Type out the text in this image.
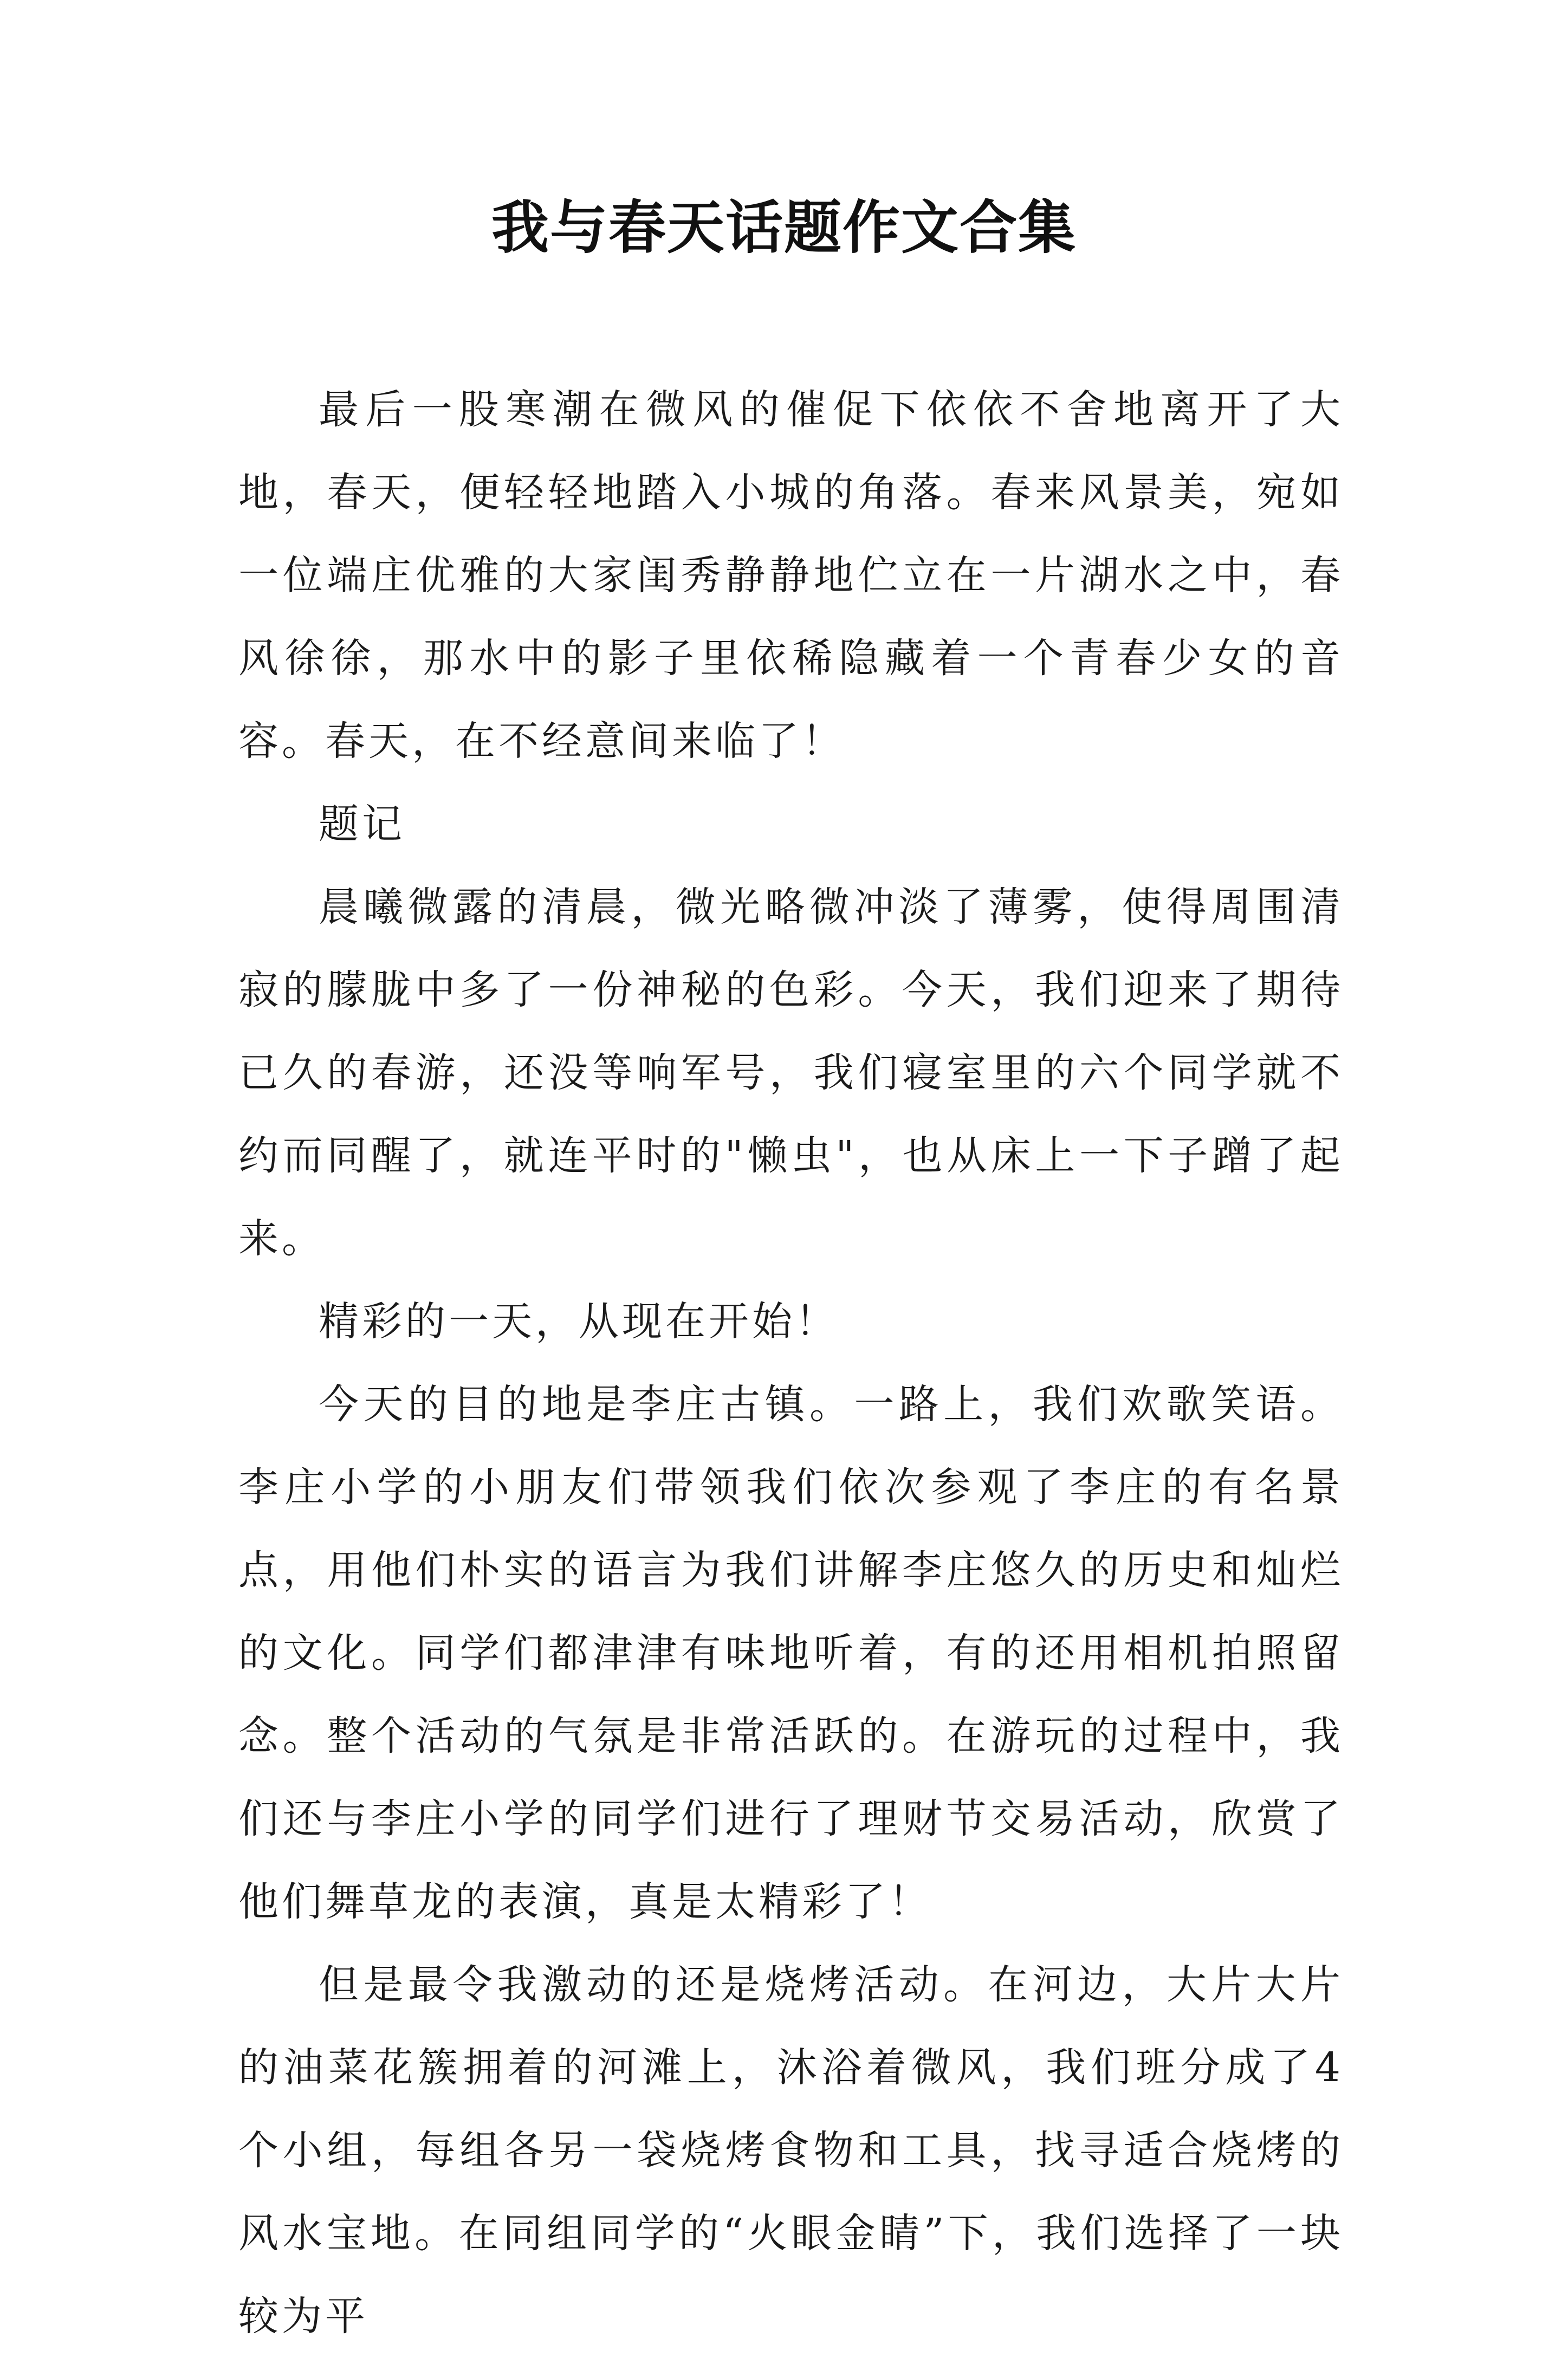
我与春天话题作文合集

最后一股寒潮在微风的催促下依依不舍地离开了大地，春天，便轻轻地踏入小城的角落。春来风景美，宛如一位端庄优雅的大家闺秀静静地伫立在一片湖水之中，春风徐徐，那水中的影子里依稀隐藏着一个青春少女的音容。春天，在不经意间来临了！

题记

晨曦微露的清晨，微光略微冲淡了薄雾，使得周围清寂的朦胧中多了一份神秘的色彩。今天，我们迎来了期待已久的春游，还没等响军号，我们寝室里的六个同学就不约而同醒了，就连平时的"懒虫"，也从床上一下子蹭了起来。

精彩的一天，从现在开始！

今天的目的地是李庄古镇。一路上，我们欢歌笑语。李庄小学的小朋友们带领我们依次参观了李庄的有名景点，用他们朴实的语言为我们讲解李庄悠久的历史和灿烂的文化。同学们都津津有味地听着，有的还用相机拍照留念。整个活动的气氛是非常活跃的。在游玩的过程中，我们还与李庄小学的同学们进行了理财节交易活动，欣赏了他们舞草龙的表演，真是太精彩了！

但是最令我激动的还是烧烤活动。在河边，大片大片的油菜花簇拥着的河滩上，沐浴着微风，我们班分成了4个小组，每组各另一袋烧烤食物和工具，找寻适合烧烤的风水宝地。在同组同学的“火眼金睛”下，我们选择了一块较为平
